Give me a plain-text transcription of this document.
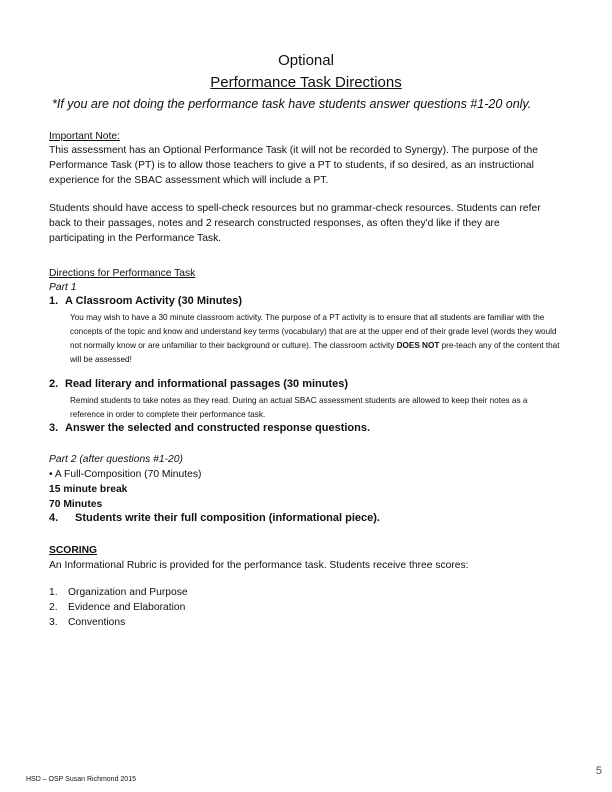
Optional
Performance Task Directions
*If you are not doing the performance task have students answer questions #1-20 only.
Important Note:
This assessment has an Optional Performance Task (it will not be recorded to Synergy). The purpose of the Performance Task (PT) is to allow those teachers to give a PT to students, if so desired, as an instructional experience for the SBAC assessment which will include a PT.
Students should have access to spell-check resources but no grammar-check resources. Students can refer back to their passages, notes and 2 research constructed responses, as often they'd like if they are participating in the Performance Task.
Directions for Performance Task
Part 1
1. A Classroom Activity (30 Minutes)
You may wish to have a 30 minute classroom activity. The purpose of a PT activity is to ensure that all students are familiar with the concepts of the topic and know and understand key terms (vocabulary) that are at the upper end of their grade level (words they would not normally know or are unfamiliar to their background or culture). The classroom activity DOES NOT pre-teach any of the content that will be assessed!
2. Read literary and informational passages (30 minutes)
Remind students to take notes as they read. During an actual SBAC assessment students are allowed to keep their notes as a reference in order to complete their performance task.
3. Answer the selected and constructed response questions.
Part 2 (after questions #1-20)
• A Full-Composition (70 Minutes)
15 minute break
70 Minutes
4. Students write their full composition (informational piece).
SCORING
An Informational Rubric is provided for the performance task. Students receive three scores:
1. Organization and Purpose
2. Evidence and Elaboration
3. Conventions
5
HSD – OSP Susan Richmond 2015
